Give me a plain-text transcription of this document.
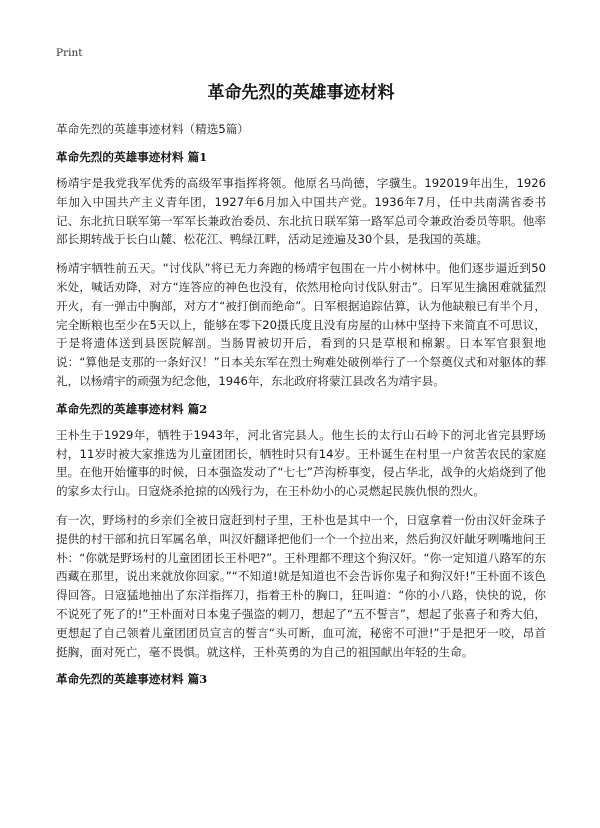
Print
革命先烈的英雄事迹材料
革命先烈的英雄事迹材料（精选5篇）
革命先烈的英雄事迹材料 篇1

杨靖宇是我党我军优秀的高级军事指挥将领。他原名马尚德，字骥生。192019年出生，1926年加入中国共产主义青年团，1927年6月加入中国共产党。1936年7月，任中共南满省委书记、东北抗日联军第一军军长兼政治委员、东北抗日联军第一路军总司令兼政治委员等职。他率部长期转战于长白山麓、松花江、鸭绿江畔，活动足迹遍及30个县，是我国的英雄。

杨靖宇牺牲前五天。“讨伐队”将已无力奔跑的杨靖宇包围在一片小树林中。他们逐步逼近到50米处，喊话劝降，对方“连答应的神色也没有，依然用枪向讨伐队射击”。日军见生擒困难就猛烈开火，有一弹击中胸部，对方才“被打倒而绝命”。日军根据追踪估算，认为他缺粮已有半个月，完全断粮也至少在5天以上，能够在零下20摄氏度且没有房屋的山林中坚持下来简直不可思议，于是将遗体送到县医院解剖。当肠胃被切开后，看到的只是草根和棉絮。日本军官狠狠地说：“算他是支那的一条好汉！”日本关东军在烈士殉难处破例举行了一个祭奠仪式和对躯体的葬礼，以杨靖宇的顽强为纪念他，1946年，东北政府将蒙江县改名为靖宇县。

革命先烈的英雄事迹材料 篇2

王朴生于1929年，牺牲于1943年，河北省完县人。他生长的太行山石岭下的河北省完县野场村，11岁时被大家推选为儿童团团长，牺牲时只有14岁。王朴诞生在村里一户贫苦农民的家庭里。在他开始懂事的时候，日本强盗发动了“七七”芦沟桥事变，侵占华北，战争的火焰烧到了他的家乡太行山。日寇烧杀抢掠的凶残行为，在王朴幼小的心灵燃起民族仇恨的烈火。

有一次，野场村的乡亲们全被日寇赶到村子里，王朴也是其中一个，日寇拿着一份由汉奸金珠子提供的村干部和抗日军属名单，叫汉奸翻译把他们一个一个拉出来，然后狗汉奸龇牙咧嘴地问王朴：“你就是野场村的儿童团团长王朴吧?”。王朴理都不理这个狗汉奸。“你一定知道八路军的东西藏在那里，说出来就放你回家。”“不知道!就是知道也不会告诉你鬼子和狗汉奸!”王朴面不该色得回答。日寇猛地抽出了东洋指挥刀，指着王朴的胸口，狂叫道：“你的小八路，快快的说，你不说死了死了的!”王朴面对日本鬼子强盗的刺刀，想起了“五不誓言”，想起了张喜子和秀大伯，更想起了自己领着儿童团团员宣言的誓言“头可断，血可流，秘密不可泄!”于是把牙一咬，昂首挺胸，面对死亡，毫不畏惧。就这样，王朴英勇的为自己的祖国献出年轻的生命。

革命先烈的英雄事迹材料 篇3
